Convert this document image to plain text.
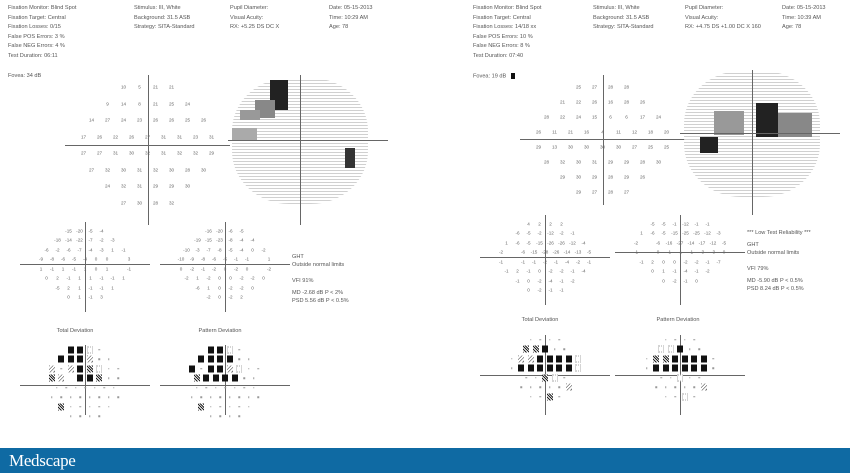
Fixation Monitor: Blind Spot
Fixation Target: Central
Fixation Losses: 0/15
False POS Errors: 3 %
False NEG Errors: 4 %
Test Duration: 06:11
Stimulus: III, White
Background: 31.5 ASB
Strategy: SITA-Standard
Pupil Diameter:
Visual Acuity:
RX: +5.25 DS DC X
Date: 05-15-2013
Time: 10:29 AM
Age: 78
Fovea: 34 dB
10	5	21 21
9	14	8	21 25 24
14 27 24 23 26 26 25 26
17 26 22 26 27 31 31 23 31
27 27 31 30 32 31 32 32 29
27 32 30 31 32 30 28 30
24 32 31 29 29 30
27 30 28 32
-15 -20 -5 -4
-18 -14 -22 -7 -2 -3
-6 -2 -6 -7 -4 -3 1 -1
-9 -8 -6 -5 -4 0 0	3
1 -1 1 -1 1 0 1	-1
0 2 -1 1 1 -1 -1 1
-5 2 1 -1 -1 1
0 1 -1 3
-16 -20 -6 -5
-19 -15 -23 -8 -4 -4
-10 -3 -7 -8 -5 -4 0 -2
-10 -9 -8 -6 -5 -1 -1	1
0 -2 -1 -2 0 -2 0	-2
-2 1 -2 0 0 -2 -2 0
-6 1 0 -2 -2 0
-2 0 -2 2
Total Deviation	Pattern Deviation
GHT
Outside normal limits
VFI 91%
MD -2.68 dB P < 2%
PSD 5.56 dB P < 0.5%
Fixation Monitor: Blind Spot
Fixation Target: Central
Fixation Losses: 14/18 xx
False POS Errors: 10 %
False NEG Errors: 8 %
Test Duration: 07:40
Stimulus: III, White
Background: 31.5 ASB
Strategy: SITA-Standard
Pupil Diameter:
Visual Acuity:
RX: +4.75 DS +1.00 DC X 160
Date: 05-15-2013
Time: 10:39 AM
Age: 78
Fovea: 19 dB
25 27 28 28
21 22 26 16 28 26
28 22 24 15	6	6	17 24
26 11 21 16	4	11 12 18 20
29 13 30 30 30 30 27 25 25
28 32 30 31 29 29 28 30
29 30 29 28 29 26
29 27 28 27
4 2 2 2
-6 -5 -2 -12 -2 -1
1 -6 -5 -15 -26 -26 -12 -4
-2	-6 -15 -28 -26 -14 -13 -5
-1	-1 -1 -2 -1 -4 -2 -1
-1 2 -1 0 -2 -2 -1 -4
-1 0 -2 -4 -1 -2
0 -2 -1 -1
-5 -5 -1 -12 -1 -1
1 -6 -5 -15 -25 -25 -12 -3
-2	-6 -16 -27 -14 -17 -12 -5
-1	0 -1 -1 -1 -3 -3 0
-1 2 0 0 -2 -2 -1 -7
0 1 -1 -4 -1 -2
0 -2 -1 0
Total Deviation	Pattern Deviation
*** Low Test Reliability ***
GHT
Outside normal limits
VFI 79%
MD -5.90 dB P < 0.5%
PSD 8.24 dB P < 0.5%
Medscape
